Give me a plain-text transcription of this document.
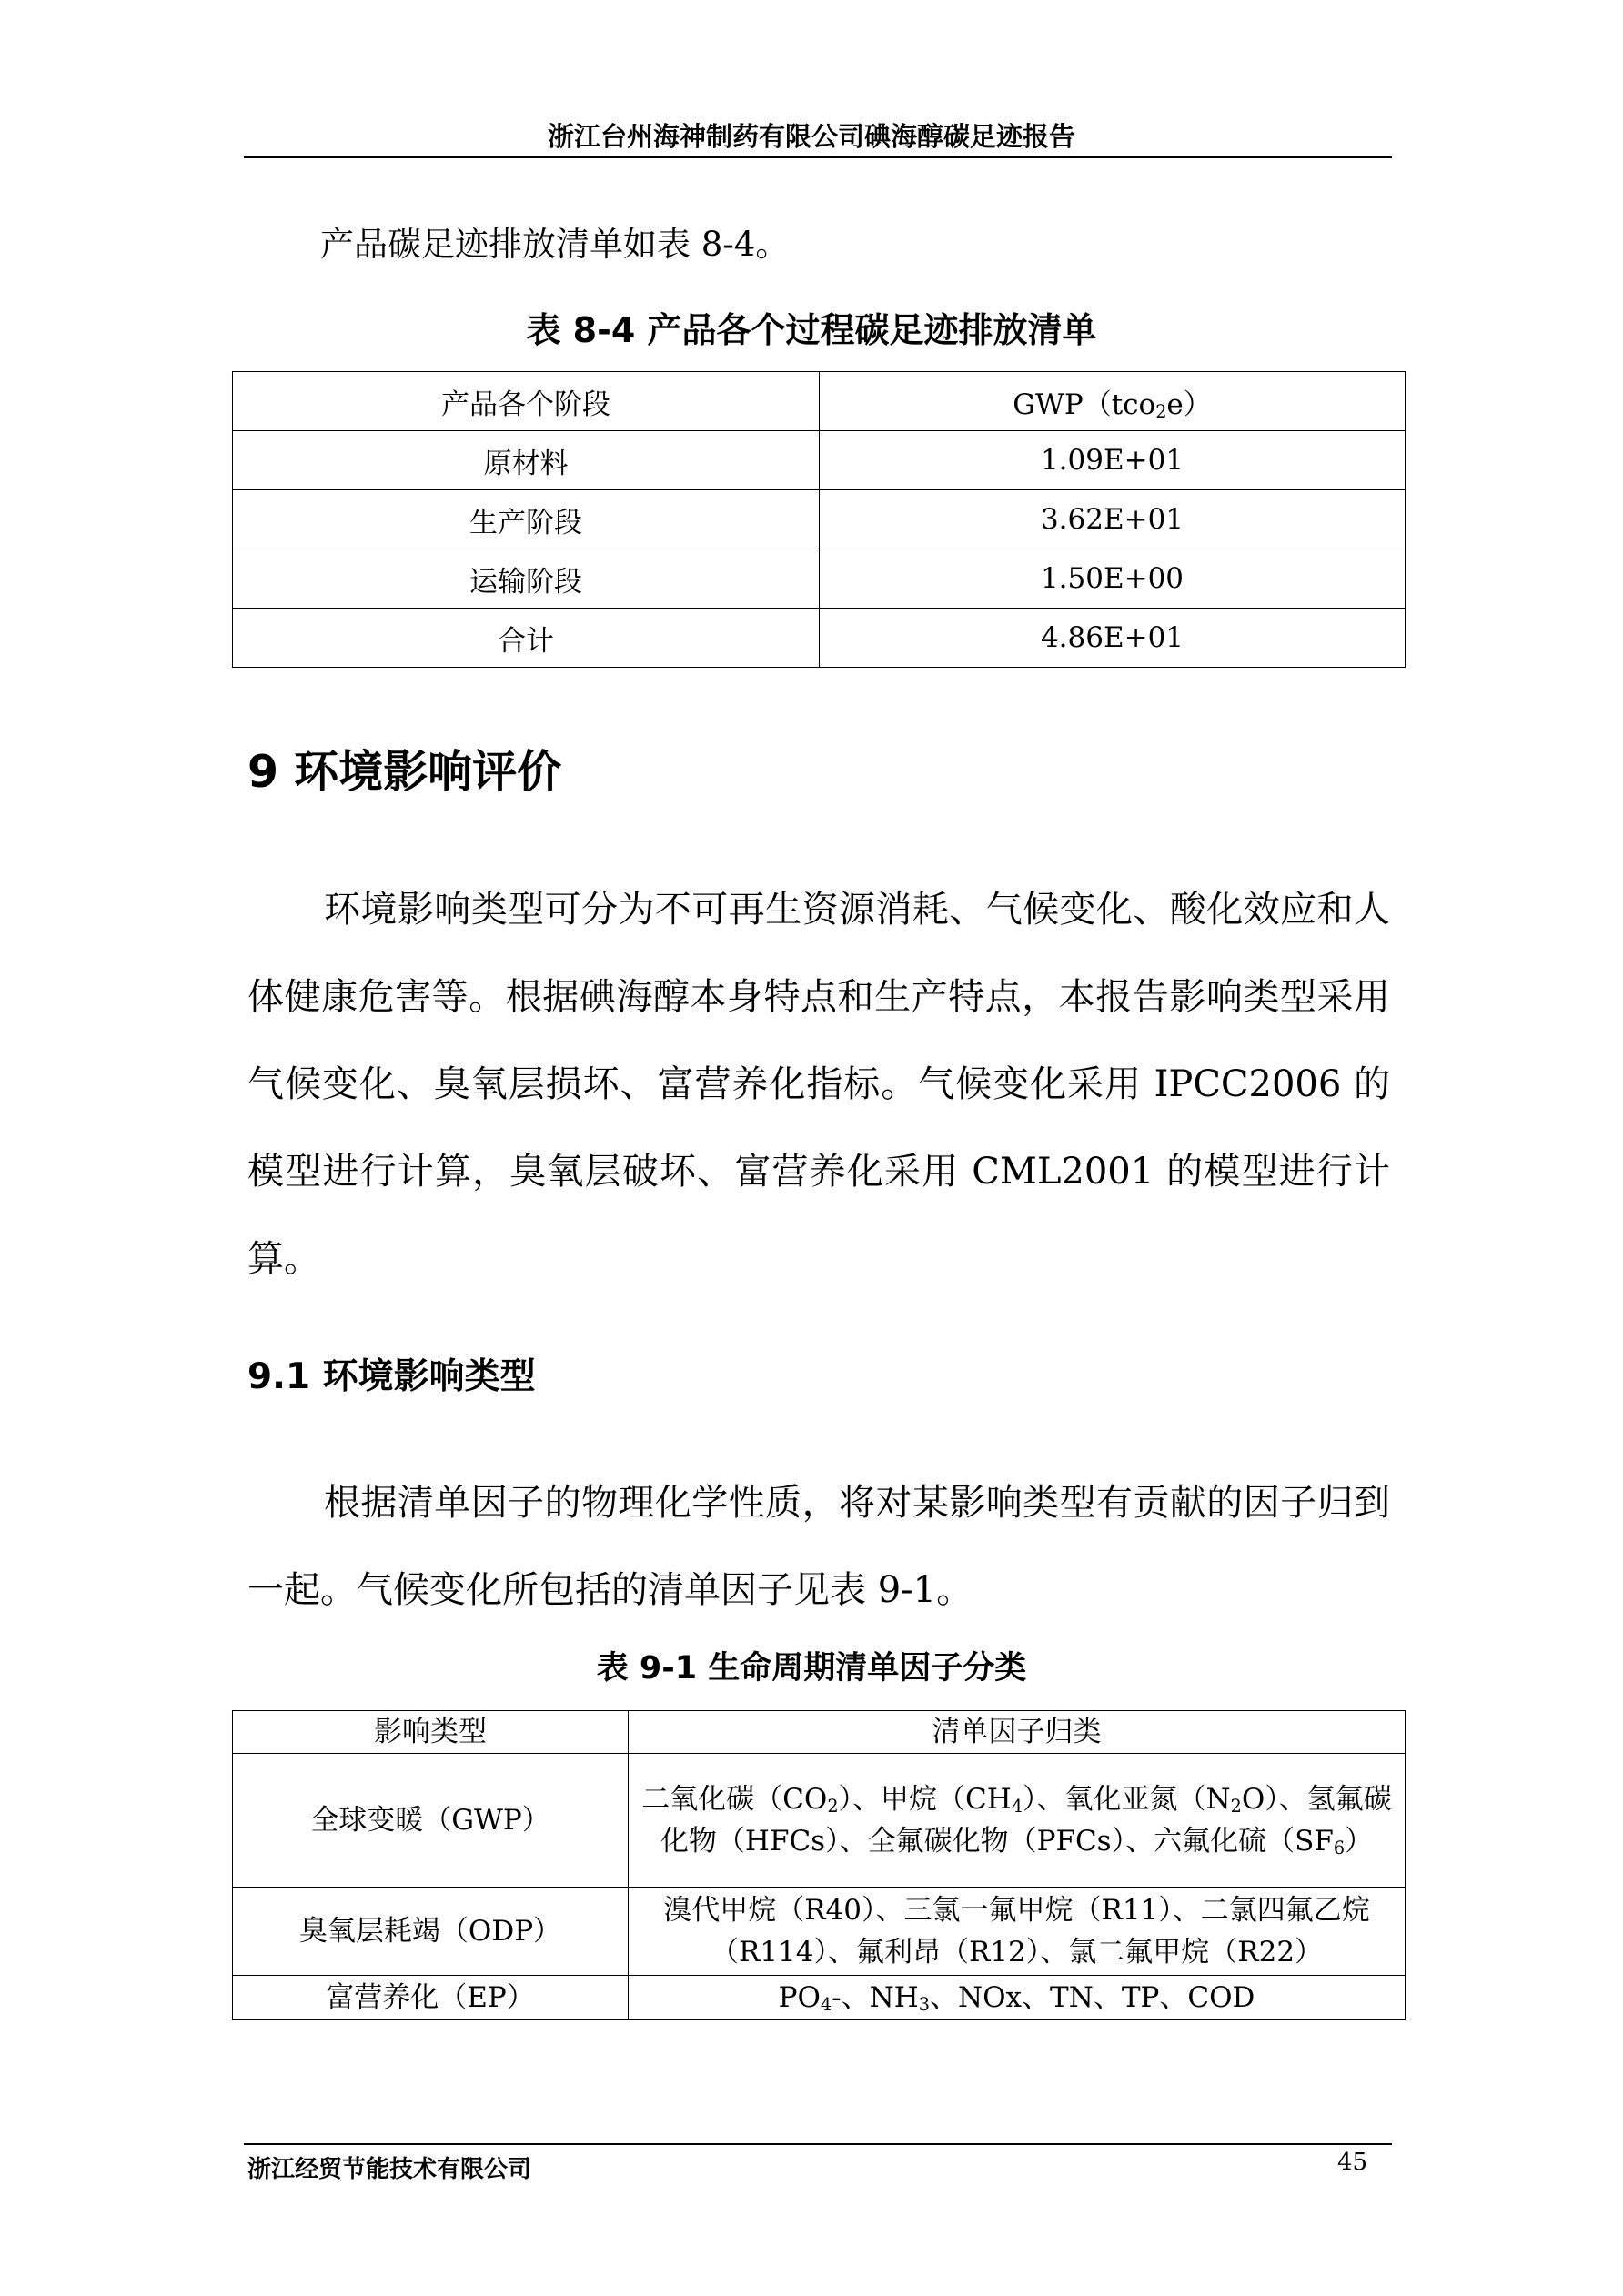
浙江台州海神制药有限公司碘海醇碳足迹报告
产品碳足迹排放清单如表 8-4。
表 8-4 产品各个过程碳足迹排放清单
产品各个阶段	GWP（tco$_2$e）
原材料	1.09E+01
生产阶段	3.62E+01
运输阶段	1.50E+00
合计	4.86E+01
9 环境影响评价

环境影响类型可分为不可再生资源消耗、气候变化、酸化效应和人体健康危害等。根据碘海醇本身特点和生产特点，本报告影响类型采用气候变化、臭氧层损坏、富营养化指标。气候变化采用 IPCC2006 的模型进行计算，臭氧层破坏、富营养化采用 CML2001 的模型进行计算。

9.1 环境影响类型

根据清单因子的物理化学性质，将对某影响类型有贡献的因子归到一起。气候变化所包括的清单因子见表 9-1。

表 9-1 生命周期清单因子分类
影响类型	清单因子归类
全球变暖（GWP）	二氧化碳$(CO_2)$、甲烷$(CH_4)$、氧化亚氮$(N_2O)$、氢氟碳化物（HFCs）、全氟碳化物（PFCs）、六氟化硫$(SF_6)$
臭氧层耗竭（ODP）	溴代甲烷（R40）、三氯一氟甲烷（R11）、二氯四氟乙烷（R114）、氟利昂（R12）、氯二氟甲烷（R22）
富营养化（EP）	$PO_4-$、$NH_3$、NOx、TN、TP、COD
浙江经贸节能技术有限公司	45
